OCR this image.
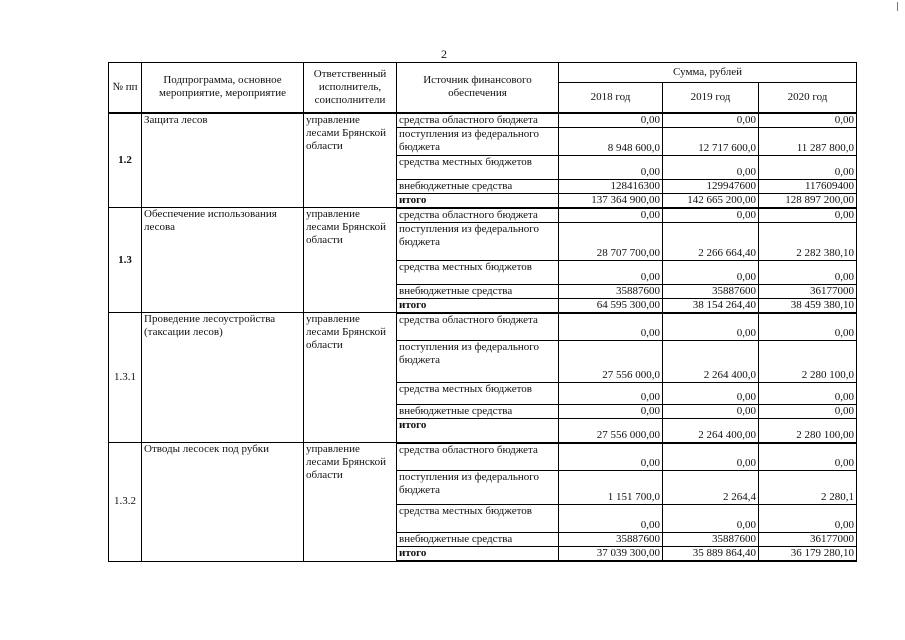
2
№ пп	Подпрограмма, основное мероприятие, мероприятие	Ответственный исполнитель, соисполнители	Источник финансового обеспечения	Сумма, рублей		
				2018 год	2019 год	2020 год
1.2	Защита лесов	управление лесами Брянской области	средства областного бюджета	0,00	0,00	0,00
			поступления из федерального бюджета	8 948 600,0	12 717 600,0	11 287 800,0
			средства местных бюджетов	0,00	0,00	0,00
			внебюджетные средства	128416300	129947600	117609400
			итого	137 364 900,00	142 665 200,00	128 897 200,00
1.3	Обеспечение использования лесова	управление лесами Брянской области	средства областного бюджета	0,00	0,00	0,00
			поступления из федерального бюджета	28 707 700,00	2 266 664,40	2 282 380,10
			средства местных бюджетов	0,00	0,00	0,00
			внебюджетные средства	35887600	35887600	36177000
			итого	64 595 300,00	38 154 264,40	38 459 380,10
1.3.1	Проведение лесоустройства (таксации лесов)	управление лесами Брянской области	средства областного бюджета	0,00	0,00	0,00
			поступления из федерального бюджета	27 556 000,0	2 264 400,0	2 280 100,0
			средства местных бюджетов	0,00	0,00	0,00
			внебюджетные средства	0,00	0,00	0,00
			итого	27 556 000,00	2 264 400,00	2 280 100,00
1.3.2	Отводы лесосек под рубки	управление лесами Брянской области	средства областного бюджета	0,00	0,00	0,00
			поступления из федерального бюджета	1 151 700,0	2 264,4	2 280,1
			средства местных бюджетов	0,00	0,00	0,00
			внебюджетные средства	35887600	35887600	36177000
			итого	37 039 300,00	35 889 864,40	36 179 280,10
